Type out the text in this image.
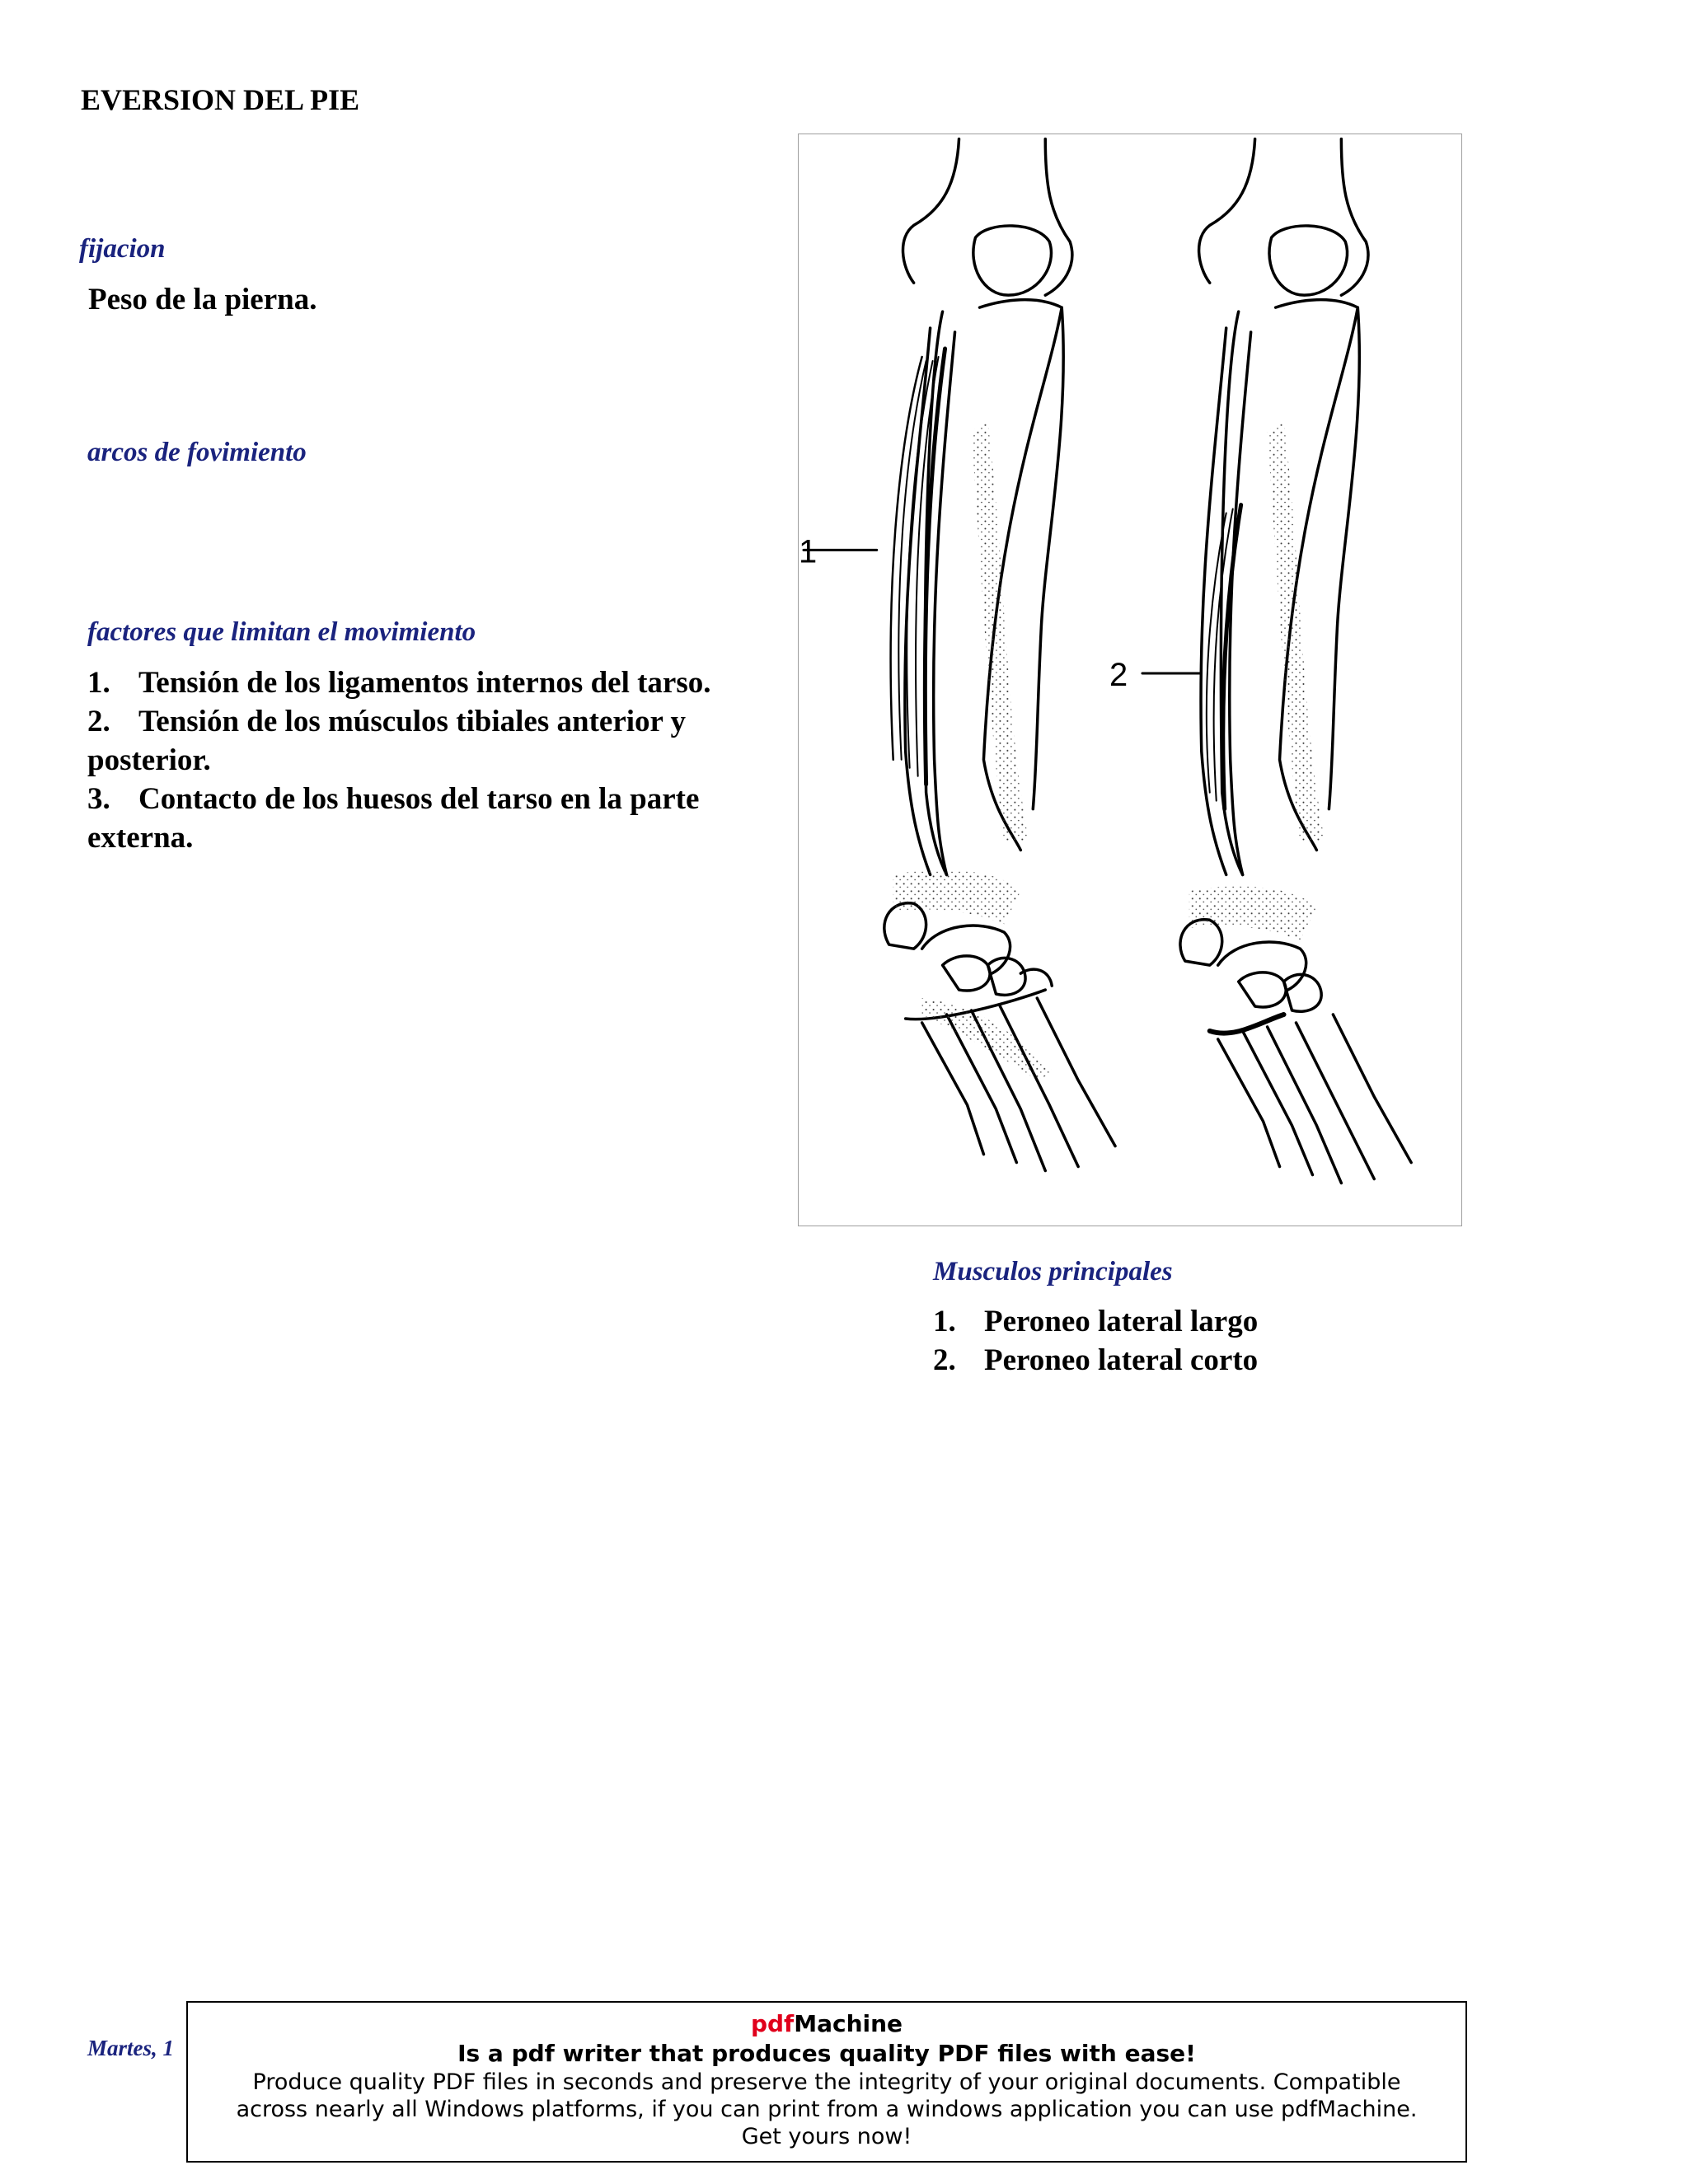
EVERSION DEL PIE

fijacion

Peso de la pierna.

arcos de fovimiento

factores que limitan el movimiento

1. Tensión de los ligamentos internos del tarso.
2. Tensión de los músculos tibiales anterior y
posterior.
3. Contacto de los huesos del tarso en la parte
externa.
1
2

Musculos principales

1. Peroneo lateral largo
2. Peroneo lateral corto
Martes, 1
pdfMachine
Is a pdf writer that produces quality PDF files with ease!
Produce quality PDF files in seconds and preserve the integrity of your original documents. Compatible across nearly all Windows platforms, if you can print from a windows application you can use pdfMachine.
Get yours now!
